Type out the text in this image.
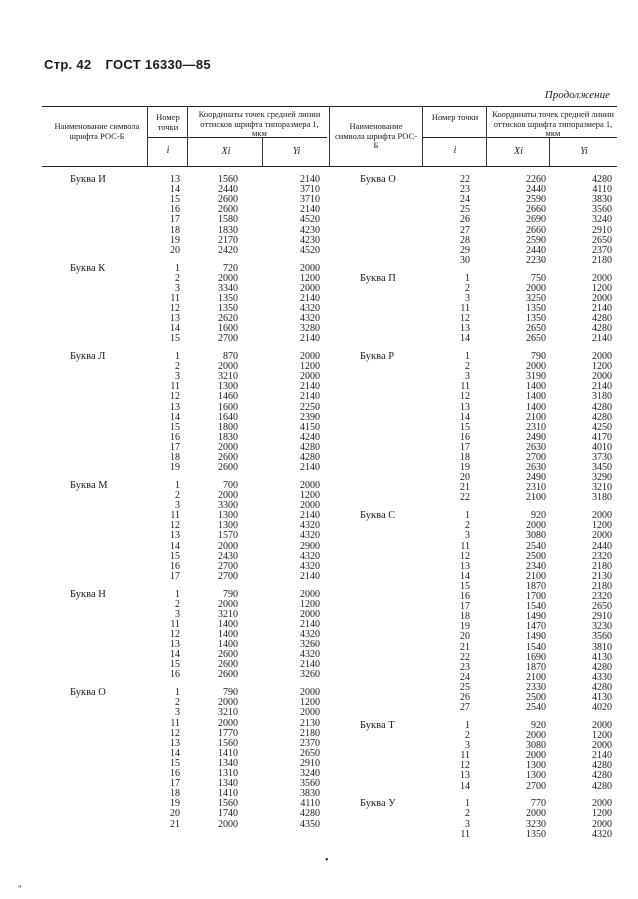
Стр. 42 ГОСТ 16330—85
Продолжение
Наименование символа шрифта РОС-Б
Номер точки
i
Координаты точек средней линии оттисков шрифта типоразмера 1, мкм
Xi	Yi
Наименование символа шрифта РОС-Б
Номер точки
i
Координаты точек средней линии оттисков шрифта типоразмера 1, мкм
Xi	Yi
Буква И	13	1560	2140
14	2440	3710
15	2600	3710
16	2600	2140
17	1580	4520
18	1830	4230
19	2170	4230
20	2420	4520
Буква К	1	720	2000
2	2000	1200
3	3340	2000
11	1350	2140
12	1350	4320
13	2620	4320
14	1600	3280
15	2700	2140
Буква Л	1	870	2000
2	2000	1200
3	3210	2000
11	1300	2140
12	1460	2140
13	1600	2250
14	1640	2390
15	1800	4150
16	1830	4240
17	2000	4280
18	2600	4280
19	2600	2140
Буква М	1	700	2000
2	2000	1200
3	3300	2000
11	1300	2140
12	1300	4320
13	1570	4320
14	2000	2900
15	2430	4320
16	2700	4320
17	2700	2140
Буква Н	1	790	2000
2	2000	1200
3	3210	2000
11	1400	2140
12	1400	4320
13	1400	3260
14	2600	4320
15	2600	2140
16	2600	3260
Буква О	1	790	2000
2	2000	1200
3	3210	2000
11	2000	2130
12	1770	2180
13	1560	2370
14	1410	2650
15	1340	2910
16	1310	3240
17	1340	3560
18	1410	3830
19	1560	4110
20	1740	4280
21	2000	4350
Буква О	22	2260	4280
23	2440	4110
24	2590	3830
25	2660	3560
26	2690	3240
27	2660	2910
28	2590	2650
29	2440	2370
30	2230	2180
Буква П	1	750	2000
2	2000	1200
3	3250	2000
11	1350	2140
12	1350	4280
13	2650	4280
14	2650	2140
Буква Р	1	790	2000
2	2000	1200
3	3190	2000
11	1400	2140
12	1400	3180
13	1400	4280
14	2100	4280
15	2310	4250
16	2490	4170
17	2630	4010
18	2700	3730
19	2630	3450
20	2490	3290
21	2310	3210
22	2100	3180
Буква С	1	920	2000
2	2000	1200
3	3080	2000
11	2540	2440
12	2500	2320
13	2340	2180
14	2100	2130
15	1870	2180
16	1700	2320
17	1540	2650
18	1490	2910
19	1470	3230
20	1490	3560
21	1540	3810
22	1690	4130
23	1870	4280
24	2100	4330
25	2330	4280
26	2500	4130
27	2540	4020
Буква Т	1	920	2000
2	2000	1200
3	3080	2000
11	2000	2140
12	1300	4280
13	1300	4280
14	2700	4280
Буква У	1	770	2000
2	2000	1200
3	3230	2000
11	1350	4320
•
"
